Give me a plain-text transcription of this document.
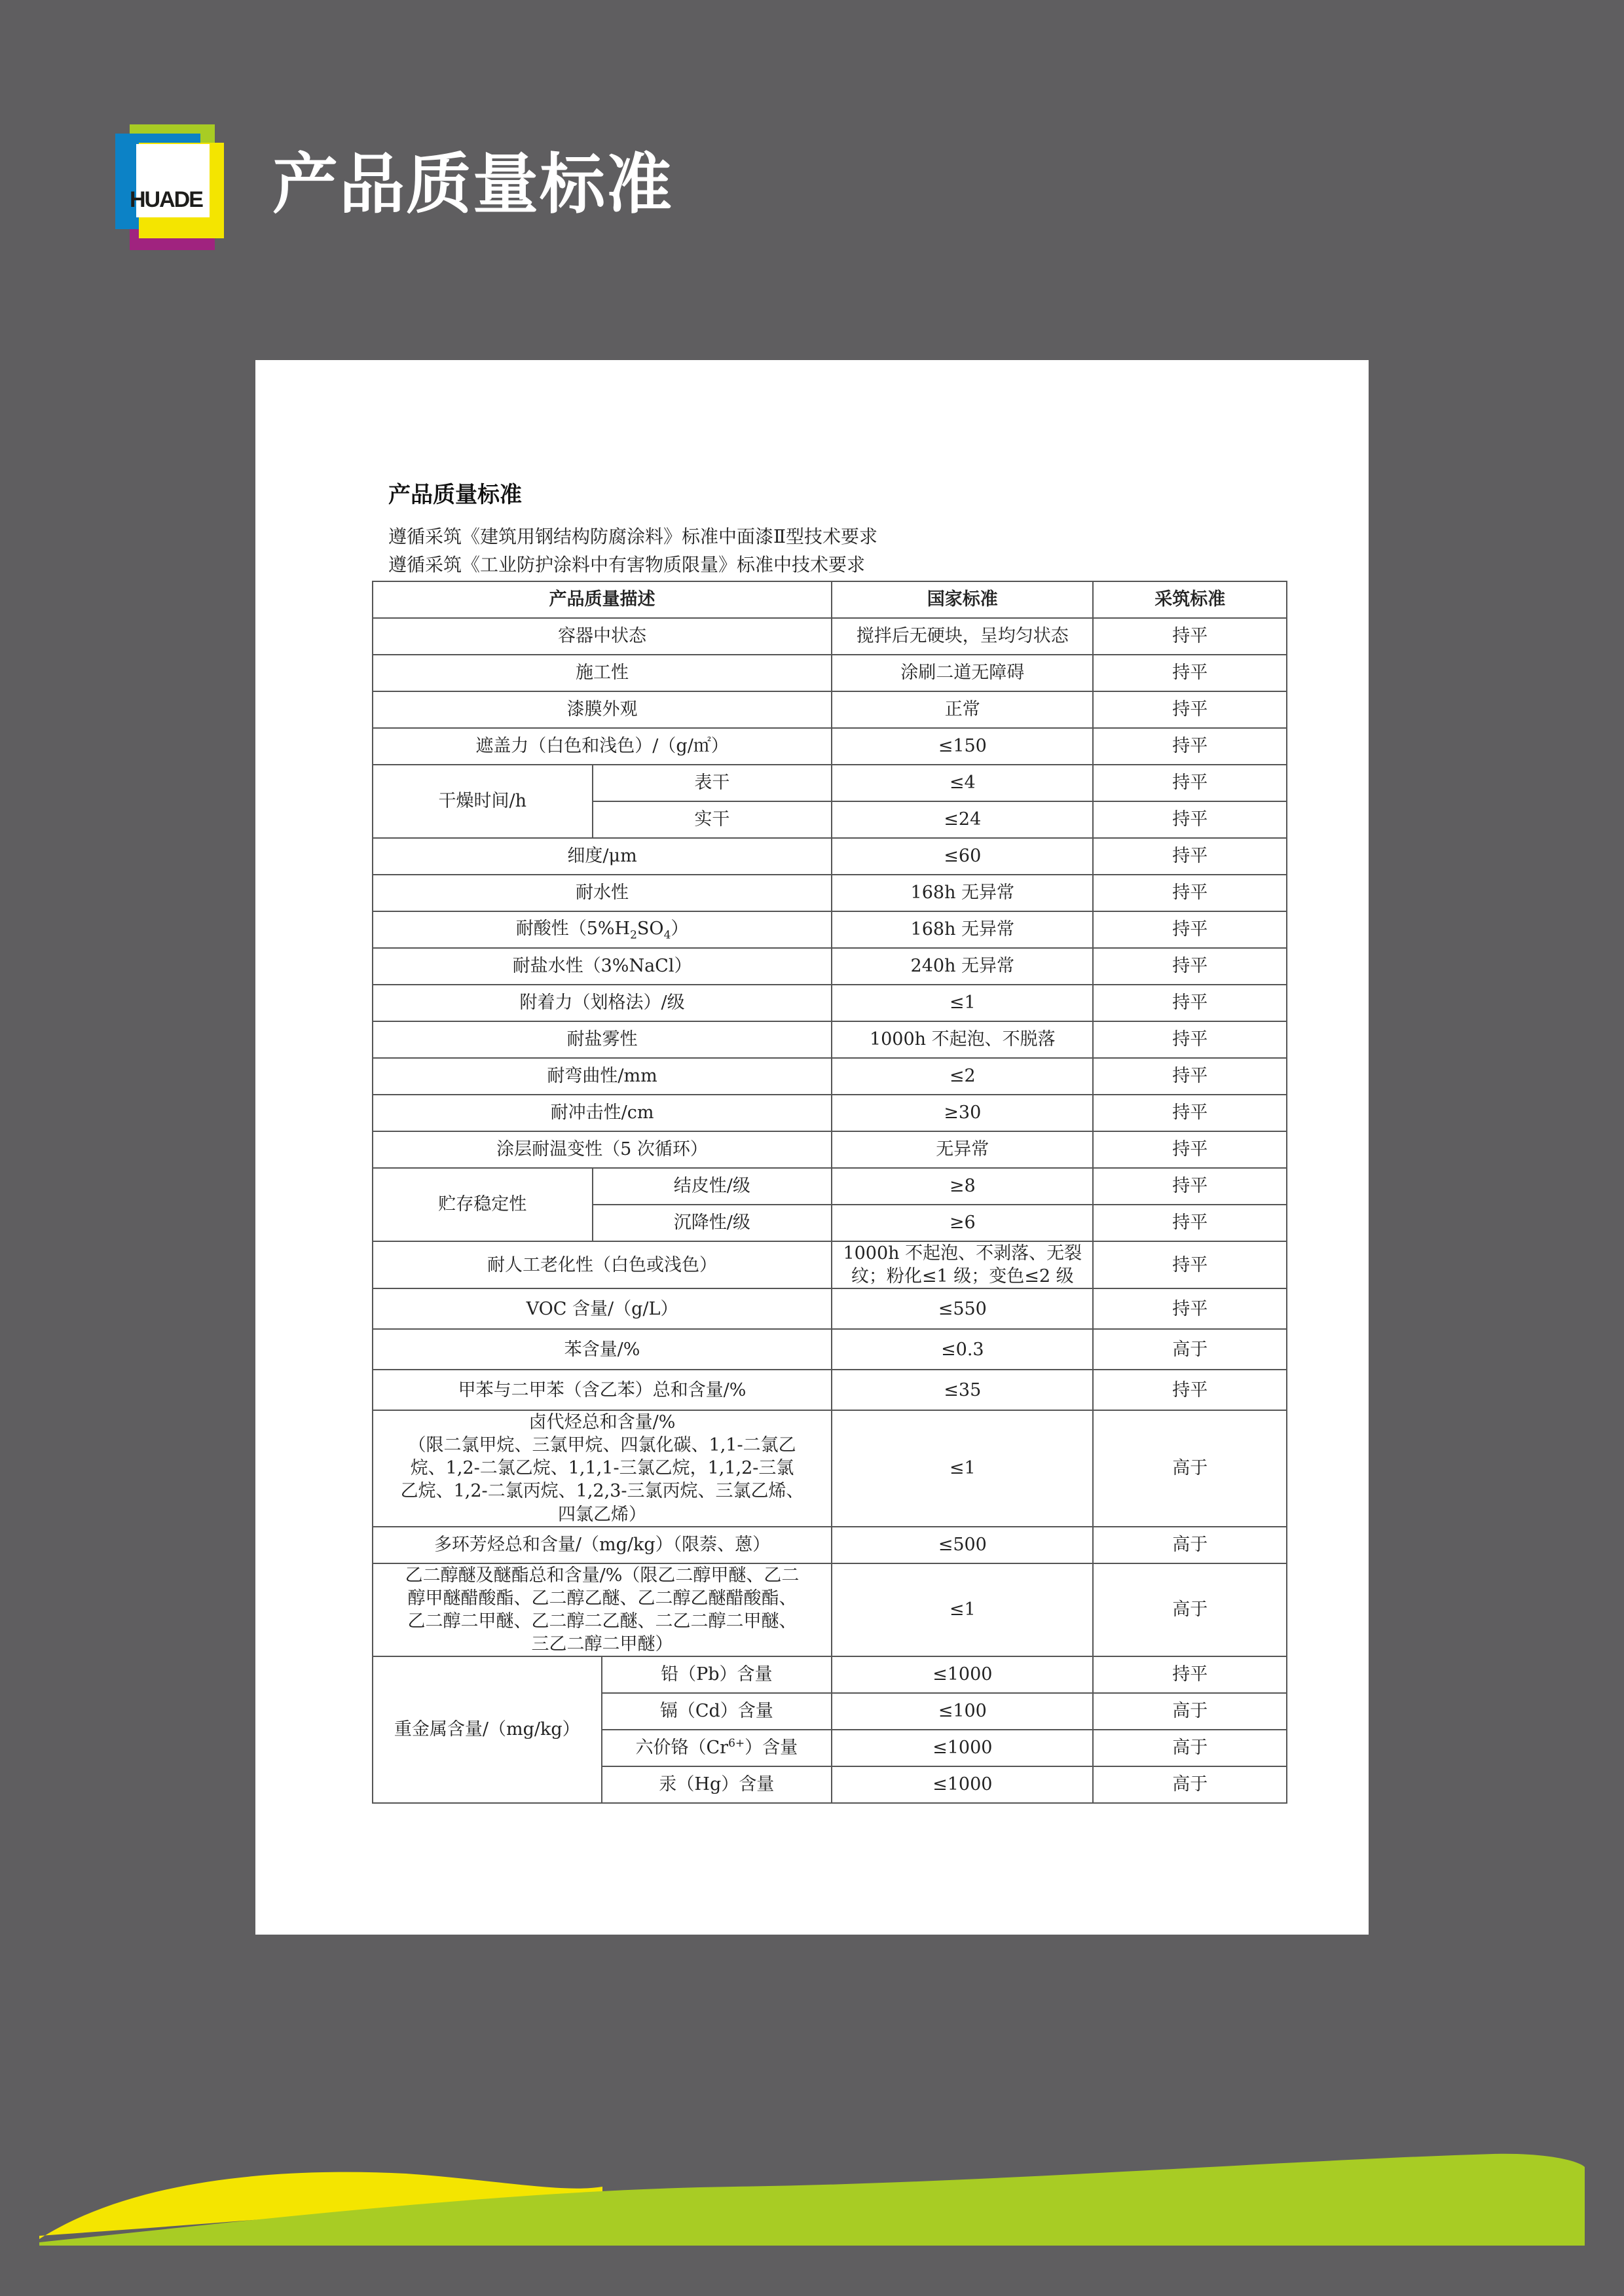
HUADE	产品质量标准
产品质量标准
遵循采筑《建筑用钢结构防腐涂料》标准中面漆Ⅱ型技术要求
遵循采筑《工业防护涂料中有害物质限量》标准中技术要求
产品质量描述			国家标准	采筑标准
容器中状态			搅拌后无硬块，呈均匀状态	持平
施工性			涂刷二道无障碍	持平
漆膜外观			正常	持平
遮盖力（白色和浅色）/（g/㎡）			≤150	持平
干燥时间/h	表干		≤4	持平
	实干		≤24	持平
细度/μm			≤60	持平
耐水性			168h 无异常	持平
耐酸性$(5\%H_2SO_4)$			168h 无异常	持平
耐盐水性（3%NaCl）			240h 无异常	持平
附着力（划格法）/级			≤1	持平
耐盐雾性			1000h 不起泡、不脱落	持平
耐弯曲性/mm			≤2	持平
耐冲击性/cm			≥30	持平
涂层耐温变性（5 次循环）			无异常	持平
贮存稳定性	结皮性/级		≥8	持平
	沉降性/级		≥6	持平
耐人工老化性（白色或浅色）			1000h 不起泡、不剥落、无裂
纹；粉化≤1 级；变色≤2 级	持平
VOC 含量/（g/L）			≤550	持平
苯含量/%			≤0.3	高于
甲苯与二甲苯（含乙苯）总和含量/%			≤35	持平

卤代烃总和含量/%
（限二氯甲烷、三氯甲烷、四氯化碳、1,1-二氯乙
烷、1,2-二氯乙烷、1,1,1-三氯乙烷，1,1,2-三氯
乙烷、1,2-二氯丙烷、1,2,3-三氯丙烷、三氯乙烯、
四氯乙烯）			≤1	高于
多环芳烃总和含量/（mg/kg）（限萘、蒽）			≤500	高于

乙二醇醚及醚酯总和含量/%（限乙二醇甲醚、乙二
醇甲醚醋酸酯、乙二醇乙醚、乙二醇乙醚醋酸酯、
乙二醇二甲醚、乙二醇二乙醚、二乙二醇二甲醚、
三乙二醇二甲醚）			≤1	高于
重金属含量/（mg/kg）		铅（Pb）含量	≤1000	持平
		镉（Cd）含量	≤100	高于
		六价铬$(Cr^{6+})$含量	≤1000	高于
		汞（Hg）含量	≤1000	高于
